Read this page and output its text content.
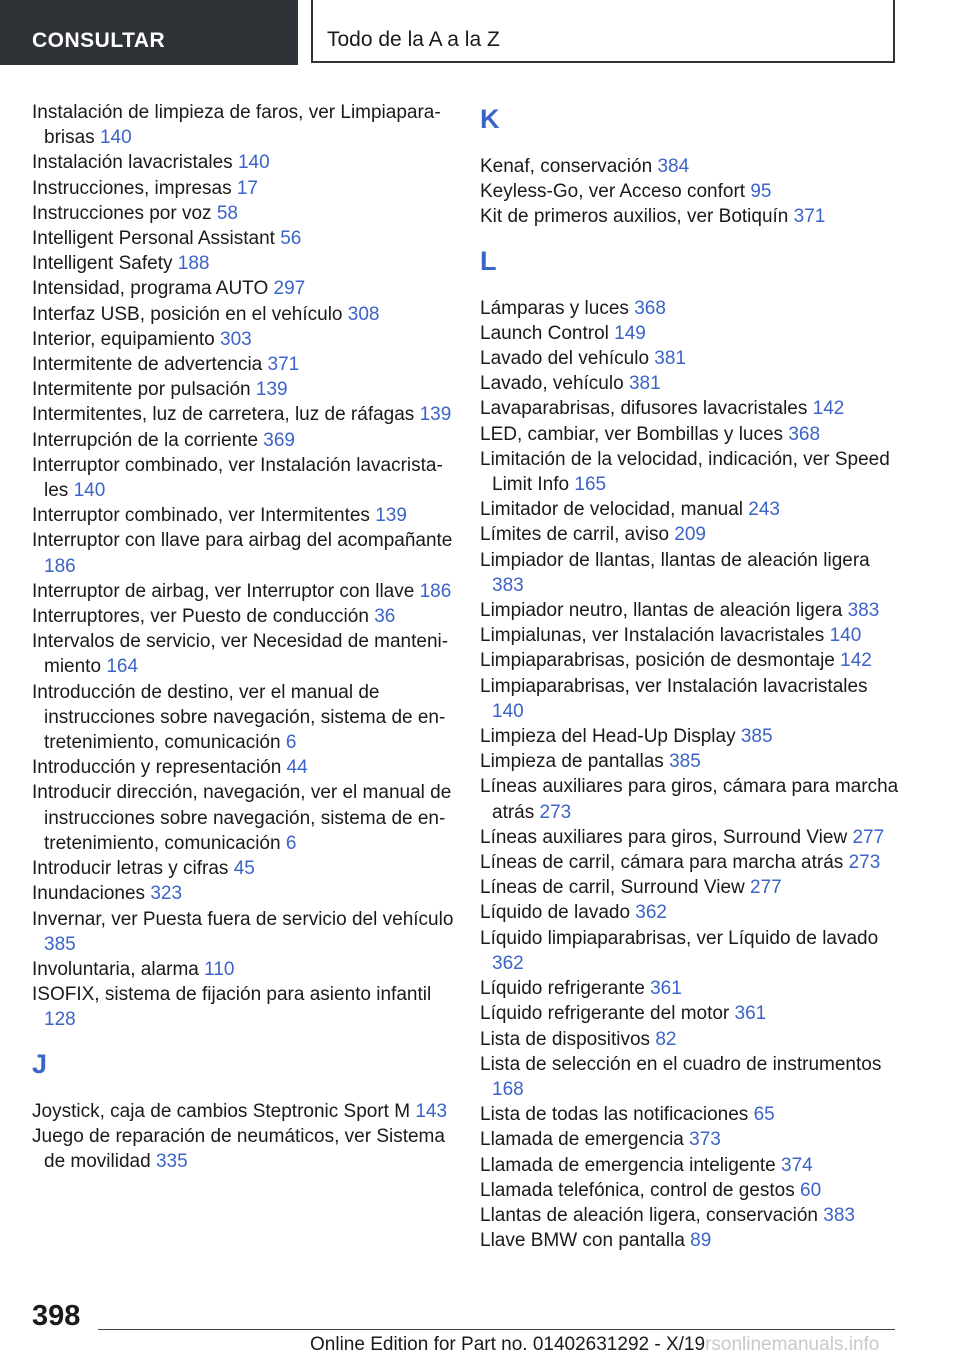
CONSULTAR	Todo de la A a la Z
Instalación de limpieza de faros, ver Limpiaparabrisas 140
Instalación lavacristales 140
Instrucciones, impresas 17
Instrucciones por voz 58
Intelligent Personal Assistant 56
Intelligent Safety 188
Intensidad, programa AUTO 297
Interfaz USB, posición en el vehículo 308
Interior, equipamiento 303
Intermitente de advertencia 371
Intermitente por pulsación 139
Intermitentes, luz de carretera, luz de ráfagas 139
Interrupción de la corriente 369
Interruptor combinado, ver Instalación lavacristales 140
Interruptor combinado, ver Intermitentes 139
Interruptor con llave para airbag del acompañante 186
Interruptor de airbag, ver Interruptor con llave 186
Interruptores, ver Puesto de conducción 36
Intervalos de servicio, ver Necesidad de mantenimiento 164
Introducción de destino, ver el manual de instrucciones sobre navegación, sistema de entretenimiento, comunicación 6
Introducción y representación 44
Introducir dirección, navegación, ver el manual de instrucciones sobre navegación, sistema de entretenimiento, comunicación 6
Introducir letras y cifras 45
Inundaciones 323
Invernar, ver Puesta fuera de servicio del vehículo 385
Involuntaria, alarma 110
ISOFIX, sistema de fijación para asiento infantil 128
J
Joystick, caja de cambios Steptronic Sport M 143
Juego de reparación de neumáticos, ver Sistema de movilidad 335
K
Kenaf, conservación 384
Keyless-Go, ver Acceso confort 95
Kit de primeros auxilios, ver Botiquín 371
L
Lámparas y luces 368
Launch Control 149
Lavado del vehículo 381
Lavado, vehículo 381
Lavaparabrisas, difusores lavacristales 142
LED, cambiar, ver Bombillas y luces 368
Limitación de la velocidad, indicación, ver Speed Limit Info 165
Limitador de velocidad, manual 243
Límites de carril, aviso 209
Limpiador de llantas, llantas de aleación ligera 383
Limpiador neutro, llantas de aleación ligera 383
Limpialunas, ver Instalación lavacristales 140
Limpiaparabrisas, posición de desmontaje 142
Limpiaparabrisas, ver Instalación lavacristales 140
Limpieza del Head-Up Display 385
Limpieza de pantallas 385
Líneas auxiliares para giros, cámara para marcha atrás 273
Líneas auxiliares para giros, Surround View 277
Líneas de carril, cámara para marcha atrás 273
Líneas de carril, Surround View 277
Líquido de lavado 362
Líquido limpiaparabrisas, ver Líquido de lavado 362
Líquido refrigerante 361
Líquido refrigerante del motor 361
Lista de dispositivos 82
Lista de selección en el cuadro de instrumentos 168
Lista de todas las notificaciones 65
Llamada de emergencia 373
Llamada de emergencia inteligente 374
Llamada telefónica, control de gestos 60
Llantas de aleación ligera, conservación 383
Llave BMW con pantalla 89
398
Online Edition for Part no. 01402631292 - X/19rsonlinemanuals.info
